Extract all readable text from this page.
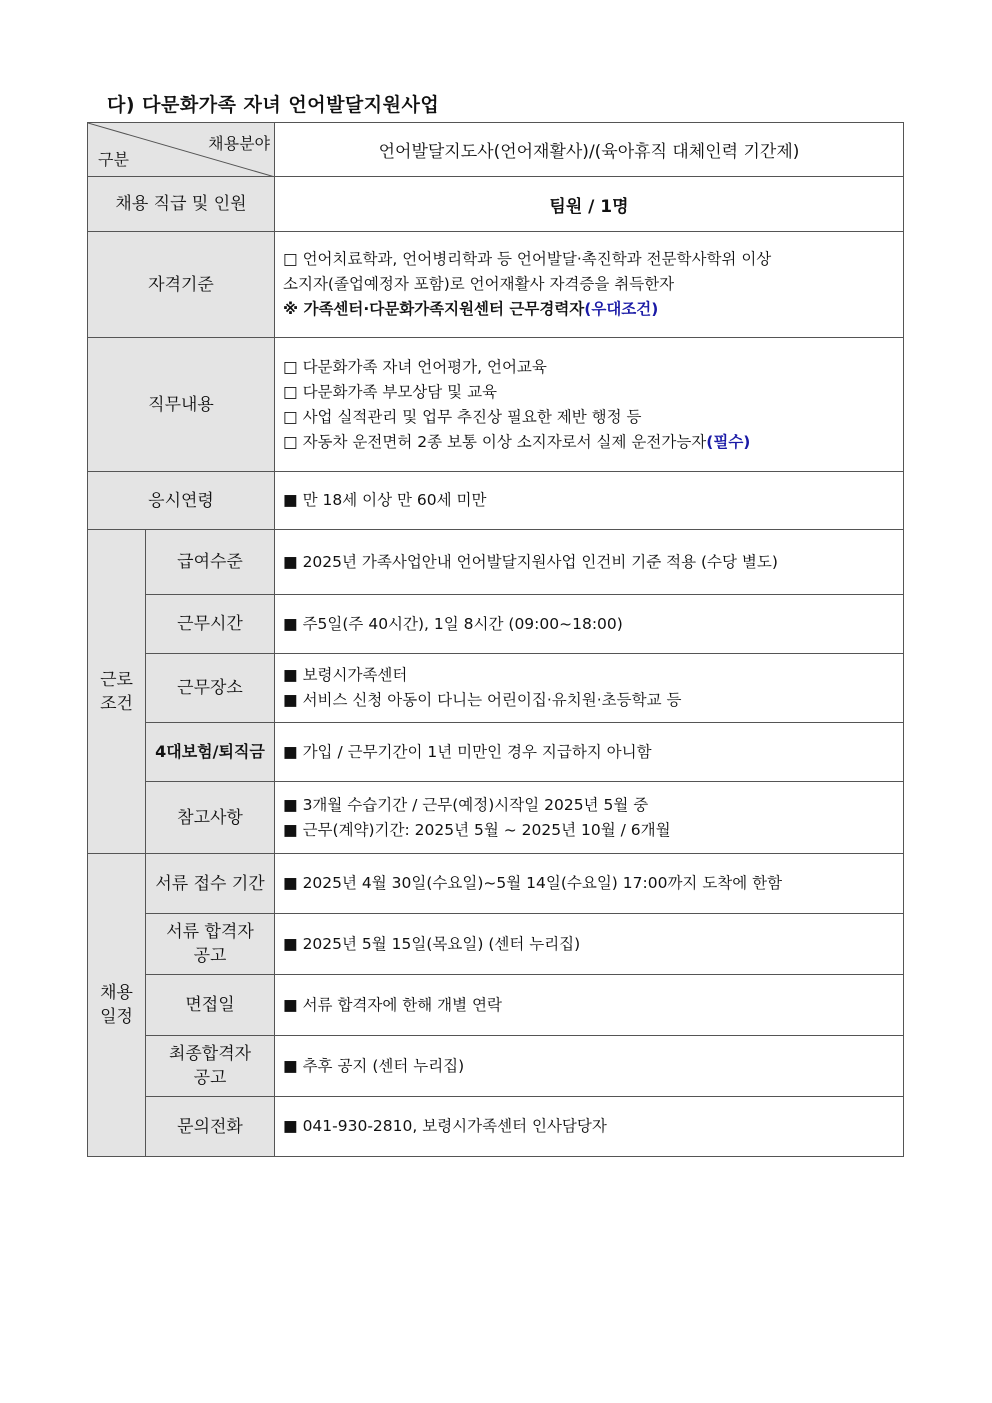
다) 다문화가족 자녀 언어발달지원사업
채용분야
구분		언어발달지도사(언어재활사)/(육아휴직 대체인력 기간제)
채용 직급 및 인원		팀원 / 1명
자격기준		□ 언어치료학과, 언어병리학과 등 언어발달·촉진학과 전문학사학위 이상
소지자(졸업예정자 포함)로 언어재활사 자격증을 취득한자
※ 가족센터·다문화가족지원센터 근무경력자(우대조건)

직무내용		□ 다문화가족 자녀 언어평가, 언어교육
□ 다문화가족 부모상담 및 교육
□ 사업 실적관리 및 업무 추진상 필요한 제반 행정 등
□ 자동차 운전면허 2종 보통 이상 소지자로서 실제 운전가능자(필수)

응시연령		■ 만 18세 이상 만 60세 미만

근로
조건	급여수준	■ 2025년 가족사업안내 언어발달지원사업 인건비 기준 적용 (수당 별도)
	근무시간	■ 주5일(주 40시간), 1일 8시간 (09:00~18:00)
	근무장소	■ 보령시가족센터
■ 서비스 신청 아동이 다니는 어린이집·유치원·초등학교 등

	4대보험/퇴직금	■ 가입 / 근무기간이 1년 미만인 경우 지급하지 아니함
	참고사항	■ 3개월 수습기간 / 근무(예정)시작일 2025년 5월 중
■ 근무(계약)기간: 2025년 5월 ~ 2025년 10월 / 6개월

채용
일정	서류 접수 기간	■ 2025년 4월 30일(수요일)~5월 14일(수요일) 17:00까지 도착에 한함

	서류 합격자
공고	■ 2025년 5월 15일(목요일) (센터 누리집)
	면접일	■ 서류 합격자에 한해 개별 연락

	최종합격자
공고	■ 추후 공지 (센터 누리집)
	문의전화	■ 041-930-2810, 보령시가족센터 인사담당자
